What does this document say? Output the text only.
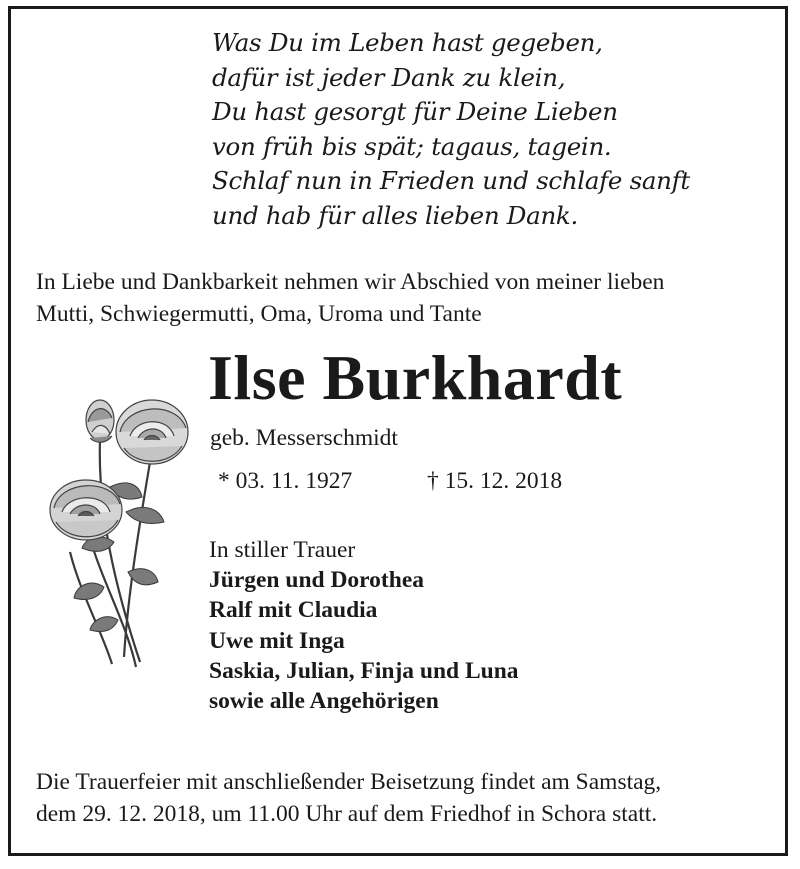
Was Du im Leben hast gegeben,
dafür ist jeder Dank zu klein,
Du hast gesorgt für Deine Lieben
von früh bis spät; tagaus, tagein.
Schlaf nun in Frieden und schlafe sanft
und hab für alles lieben Dank.
In Liebe und Dankbarkeit nehmen wir Abschied von meiner lieben
Mutti, Schwiegermutti, Oma, Uroma und Tante
Ilse Burkhardt
geb. Messerschmidt
* 03. 11. 1927	† 15. 12. 2018
In stiller Trauer
Jürgen und Dorothea
Ralf mit Claudia
Uwe mit Inga
Saskia, Julian, Finja und Luna
sowie alle Angehörigen
Die Trauerfeier mit anschließender Beisetzung findet am Samstag,
dem 29. 12. 2018, um 11.00 Uhr auf dem Friedhof in Schora statt.
